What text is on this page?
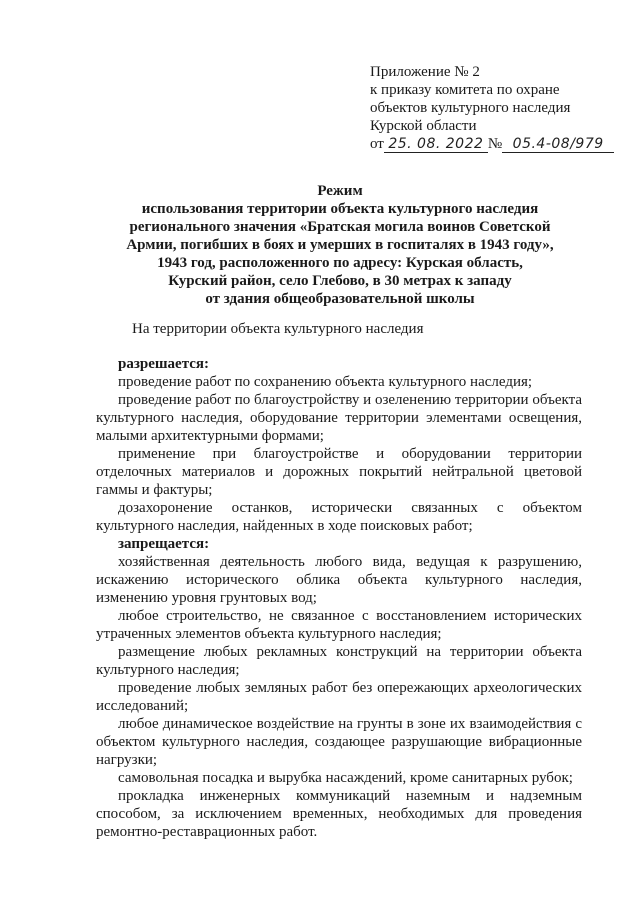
Приложение № 2
к приказу комитета по охране
объектов культурного наследия
Курской области
от 25. 08. 2022 № 05.4-08/979
Режим
использования территории объекта культурного наследия
регионального значения «Братская могила воинов Советской
Армии, погибших в боях и умерших в госпиталях в 1943 году»,
1943 год, расположенного по адресу: Курская область,
Курский район, село Глебово, в 30 метрах к западу
от здания общеобразовательной школы
На территории объекта культурного наследия
разрешается:

проведение работ по сохранению объекта культурного наследия;

проведение работ по благоустройству и озеленению территории объекта культурного наследия, оборудование территории элементами освещения, малыми архитектурными формами;

применение при благоустройстве и оборудовании территории отделочных материалов и дорожных покрытий нейтральной цветовой гаммы и фактуры;

дозахоронение останков, исторически связанных с объектом культурного наследия, найденных в ходе поисковых работ;

запрещается:

хозяйственная деятельность любого вида, ведущая к разрушению, искажению исторического облика объекта культурного наследия, изменению уровня грунтовых вод;

любое строительство, не связанное с восстановлением исторических утраченных элементов объекта культурного наследия;

размещение любых рекламных конструкций на территории объекта культурного наследия;

проведение любых земляных работ без опережающих археологических исследований;

любое динамическое воздействие на грунты в зоне их взаимодействия с объектом культурного наследия, создающее разрушающие вибрационные нагрузки;

самовольная посадка и вырубка насаждений, кроме санитарных рубок;

прокладка инженерных коммуникаций наземным и надземным способом, за исключением временных, необходимых для проведения ремонтно-реставрационных работ.
